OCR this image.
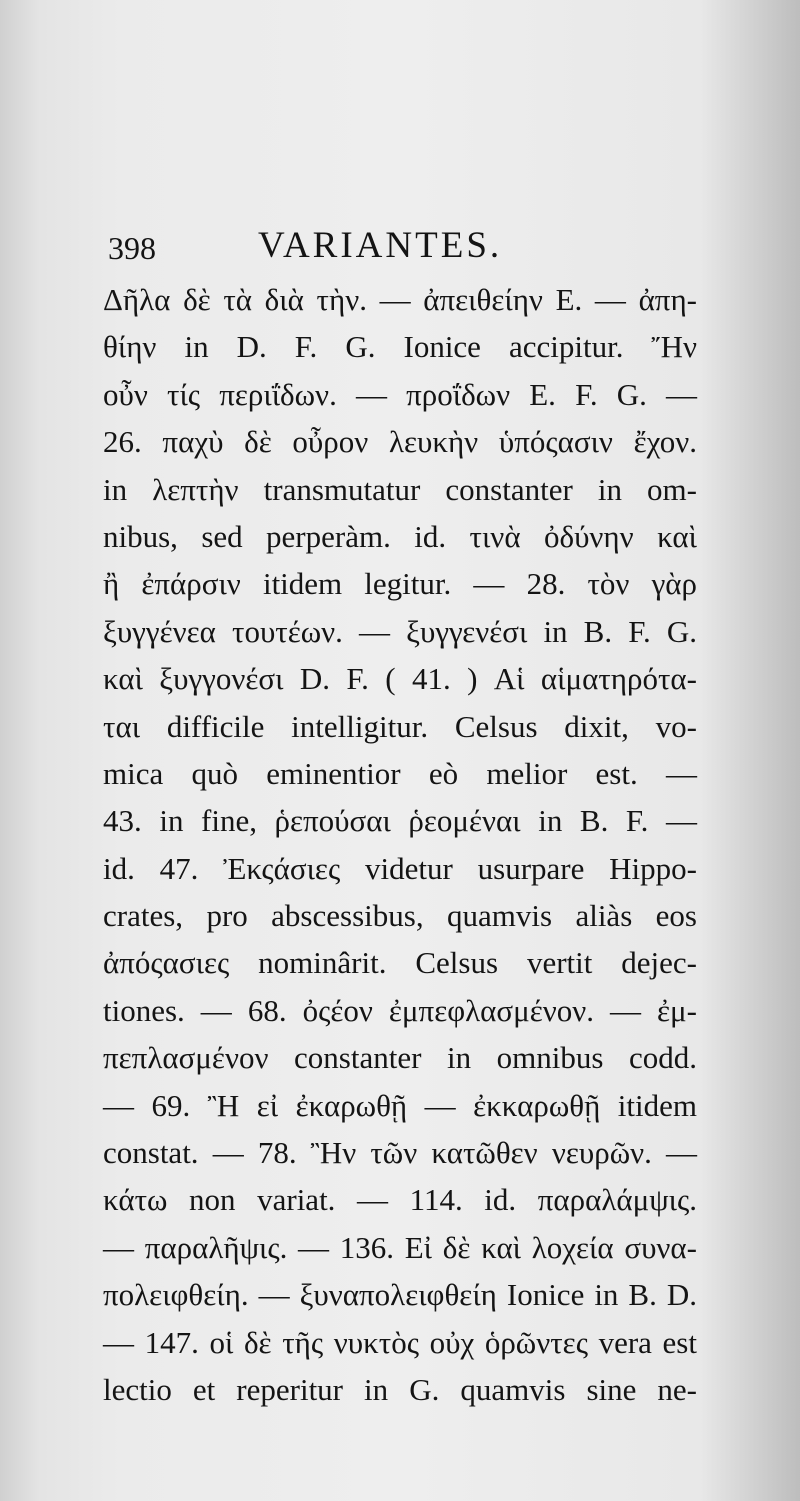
398	VARIANTES.
Δῆλα δὲ τὰ διὰ τὴν. — ἀπειθείην E. — ἀπη-
θίην in D. F. G. Ionice accipitur. Ἤν
οὖν τίς περιΐδων. — προΐδων E. F. G. —
26. παχὺ δὲ οὖρον λευκὴν ὑπόςασιν ἔχον.
in λεπτὴν transmutatur constanter in om-
nibus, sed perperàm. id. τινὰ ὀδύνην καὶ
ἢ ἐπάρσιν itidem legitur. — 28. τὸν γὰρ
ξυγγένεα τουτέων. — ξυγγενέσι in B. F. G.
καὶ ξυγγονέσι D. F. ( 41. ) Αἱ αἱματηρότα-
ται difficile intelligitur. Celsus dixit, vo-
mica quò eminentior eò melior est. —
43. in fine, ῥεπούσαι ῥεομέναι in B. F. —
id. 47. Ἐκςάσιες videtur usurpare Hippo-
crates, pro abscessibus, quamvis aliàs eos
ἀπόςασιες nominârit. Celsus vertit dejec-
tiones. — 68. ὀςέον ἐμπεφλασμένον. — ἐμ-
πεπλασμένον constanter in omnibus codd.
— 69. Ἢ εἰ ἐκαρωθῇ — ἐκκαρωθῇ itidem
constat. — 78. Ἢν τῶν κατῶθεν νευρῶν. —
κάτω non variat. — 114. id. παραλάμψις.
— παραλῆψις. — 136. Εἰ δὲ καὶ λοχεία συνα-
πολειφθείη. — ξυναπολειφθείη Ionice in B. D.
— 147. οἱ δὲ τῆς νυκτὸς οὐχ ὁρῶντες vera est
lectio et reperitur in G. quamvis sine ne-
